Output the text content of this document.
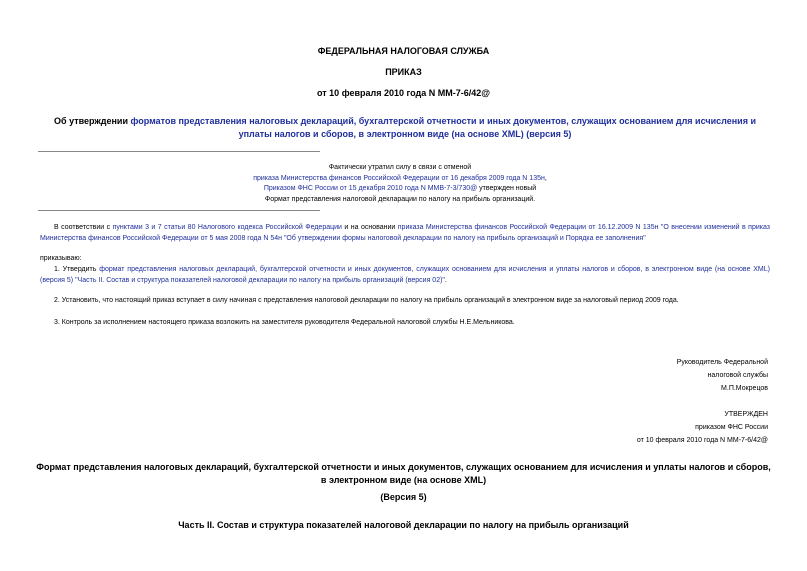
ФЕДЕРАЛЬНАЯ НАЛОГОВАЯ СЛУЖБА
ПРИКАЗ
от 10 февраля 2010 года N ММ-7-6/42@
Об утверждении форматов представления налоговых деклараций, бухгалтерской отчетности и иных документов, служащих основанием для исчисления и уплаты налогов и сборов, в электронном виде (на основе XML) (версия 5)
Фактически утратил силу в связи с отменой
приказа Министерства финансов Российской Федерации от 16 декабря 2009 года N 135н,
Приказом ФНС России от 15 декабря 2010 года N ММВ-7-3/730@ утвержден новый
Формат представления налоговой декларации по налогу на прибыль организаций.
В соответствии с пунктами 3 и 7 статьи 80 Налогового кодекса Российской Федерации и на основании приказа Министерства финансов Российской Федерации от 16.12.2009 N 135н "О внесении изменений в приказ Министерства финансов Российской Федерации от 5 мая 2008 года N 54н "Об утверждении формы налоговой декларации по налогу на прибыль организаций и Порядка ее заполнения"
приказываю:
1. Утвердить формат представления налоговых деклараций, бухгалтерской отчетности и иных документов, служащих основанием для исчисления и уплаты налогов и сборов, в электронном виде (на основе XML) (версия 5) "Часть II. Состав и структура показателей налоговой декларации по налогу на прибыль организаций (версия 02)".
2. Установить, что настоящий приказ вступает в силу начиная с представления налоговой декларации по налогу на прибыль организаций в электронном виде за налоговый период 2009 года.
3. Контроль за исполнением настоящего приказа возложить на заместителя руководителя Федеральной налоговой службы Н.Е.Мельникова.
Руководитель Федеральной
налоговой службы
М.П.Мокрецов
УТВЕРЖДЕН
приказом ФНС России
от 10 февраля 2010 года N ММ-7-6/42@
Формат представления налоговых деклараций, бухгалтерской отчетности и иных документов, служащих основанием для исчисления и уплаты налогов и сборов,
в электронном виде (на основе XML)
(Версия 5)
Часть II. Состав и структура показателей налоговой декларации по налогу на прибыль организаций
